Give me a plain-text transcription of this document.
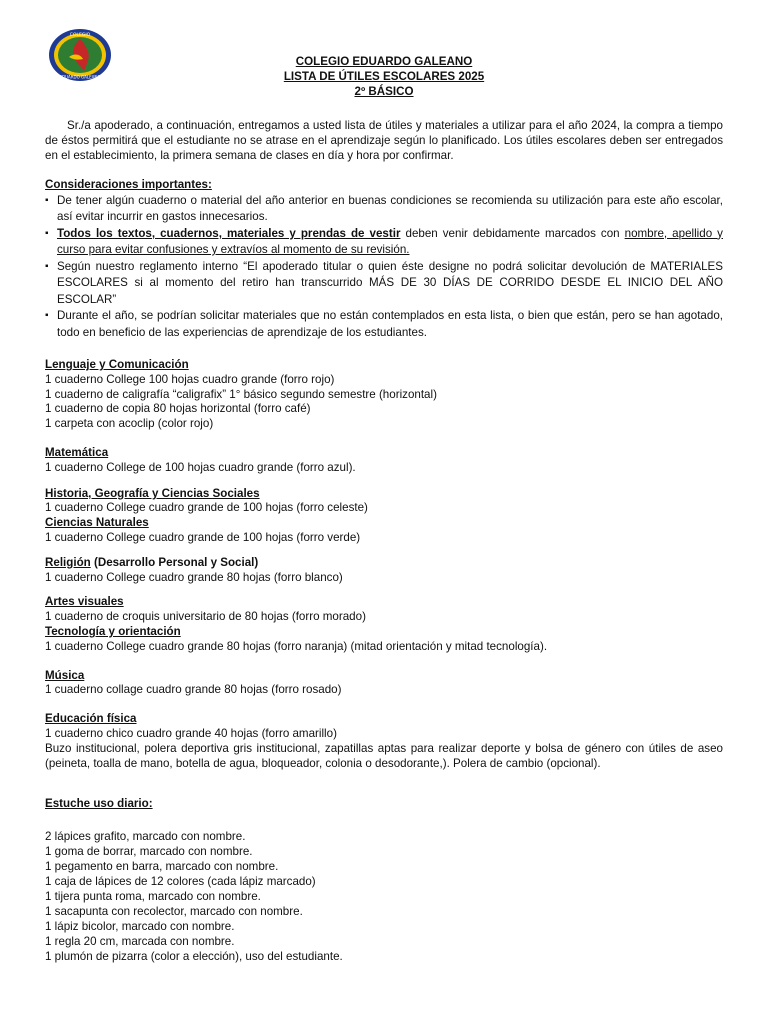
COLEGIO
EDUARDO GALEANO
COLEGIO EDUARDO GALEANO
LISTA DE ÚTILES ESCOLARES 2025
2º BÁSICO
Sr./a apoderado, a continuación, entregamos a usted lista de útiles y materiales a utilizar para el año 2024, la compra a tiempo de éstos permitirá que el estudiante no se atrase en el aprendizaje según lo planificado. Los útiles escolares deben ser entregados en el establecimiento, la primera semana de clases en día y hora por confirmar.
Consideraciones importantes:
▪ De tener algún cuaderno o material del año anterior en buenas condiciones se recomienda su utilización para este año escolar, así evitar incurrir en gastos innecesarios.
▪ Todos los textos, cuadernos, materiales y prendas de vestir deben venir debidamente marcados con nombre, apellido y curso para evitar confusiones y extravíos al momento de su revisión.
▪ Según nuestro reglamento interno “El apoderado titular o quien éste designe no podrá solicitar devolución de MATERIALES ESCOLARES si al momento del retiro han transcurrido MÁS DE 30 DÍAS DE CORRIDO DESDE EL INICIO DEL AÑO ESCOLAR”
▪ Durante el año, se podrían solicitar materiales que no están contemplados en esta lista, o bien que están, pero se han agotado, todo en beneficio de las experiencias de aprendizaje de los estudiantes.
Lenguaje y Comunicación
1 cuaderno College 100 hojas cuadro grande (forro rojo)
1 cuaderno de caligrafía “caligrafix” 1° básico segundo semestre (horizontal)
1 cuaderno de copia 80 hojas horizontal (forro café)
1 carpeta con acoclip (color rojo)
Matemática
1 cuaderno College de 100 hojas cuadro grande (forro azul).
Historia, Geografía y Ciencias Sociales
1 cuaderno College cuadro grande de 100 hojas (forro celeste)
Ciencias Naturales
1 cuaderno College cuadro grande de 100 hojas (forro verde)
Religión (Desarrollo Personal y Social)
1 cuaderno College cuadro grande 80 hojas (forro blanco)
Artes visuales
1 cuaderno de croquis universitario de 80 hojas (forro morado)
Tecnología y orientación
1 cuaderno College cuadro grande 80 hojas (forro naranja) (mitad orientación y mitad tecnología).
Música
1 cuaderno collage cuadro grande 80 hojas (forro rosado)
Educación física
1 cuaderno chico cuadro grande 40 hojas (forro amarillo)
Buzo institucional, polera deportiva gris institucional, zapatillas aptas para realizar deporte y bolsa de género con útiles de aseo (peineta, toalla de mano, botella de agua, bloqueador, colonia o desodorante,). Polera de cambio (opcional).
Estuche uso diario:
2 lápices grafito, marcado con nombre.
1 goma de borrar, marcado con nombre.
1 pegamento en barra, marcado con nombre.
1 caja de lápices de 12 colores (cada lápiz marcado)
1 tijera punta roma, marcado con nombre.
1 sacapunta con recolector, marcado con nombre.
1 lápiz bicolor, marcado con nombre.
1 regla 20 cm, marcada con nombre.
1 plumón de pizarra (color a elección), uso del estudiante.
